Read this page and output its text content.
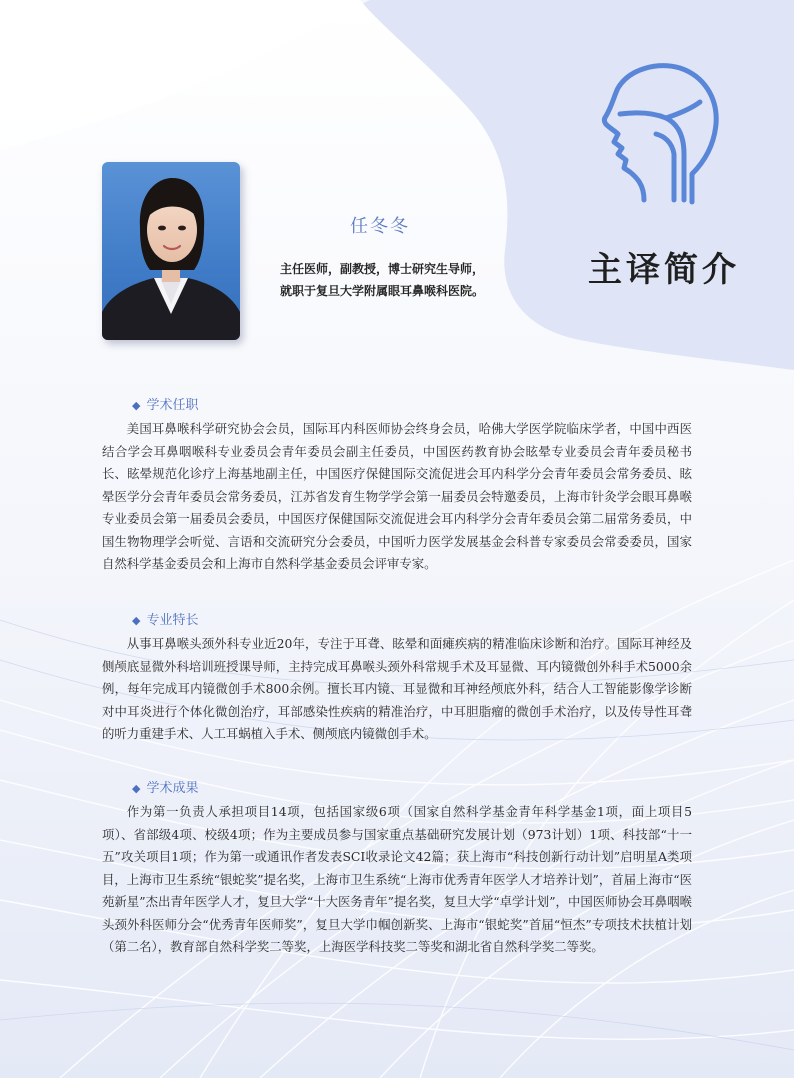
任冬冬
主任医师，副教授，博士研究生导师，就职于复旦大学附属眼耳鼻喉科医院。
主译简介
◆ 学术任职
美国耳鼻喉科学研究协会会员，国际耳内科医师协会终身会员，哈佛大学医学院临床学者，中国中西医结合学会耳鼻咽喉科专业委员会青年委员会副主任委员，中国医药教育协会眩晕专业委员会青年委员秘书长、眩晕规范化诊疗上海基地副主任，中国医疗保健国际交流促进会耳内科学分会青年委员会常务委员、眩晕医学分会青年委员会常务委员，江苏省发育生物学学会第一届委员会特邀委员，上海市针灸学会眼耳鼻喉专业委员会第一届委员会委员，中国医疗保健国际交流促进会耳内科学分会青年委员会第二届常务委员，中国生物物理学会听觉、言语和交流研究分会委员，中国听力医学发展基金会科普专家委员会常委委员，国家自然科学基金委员会和上海市自然科学基金委员会评审专家。
◆ 专业特长
从事耳鼻喉头颈外科专业近20年，专注于耳聋、眩晕和面瘫疾病的精准临床诊断和治疗。国际耳神经及侧颅底显微外科培训班授课导师，主持完成耳鼻喉头颈外科常规手术及耳显微、耳内镜微创外科手术5000余例，每年完成耳内镜微创手术800余例。擅长耳内镜、耳显微和耳神经颅底外科，结合人工智能影像学诊断对中耳炎进行个体化微创治疗，耳部感染性疾病的精准治疗，中耳胆脂瘤的微创手术治疗，以及传导性耳聋的听力重建手术、人工耳蜗植入手术、侧颅底内镜微创手术。
◆ 学术成果
作为第一负责人承担项目14项，包括国家级6项（国家自然科学基金青年科学基金1项，面上项目5项）、省部级4项、校级4项；作为主要成员参与国家重点基础研究发展计划（973计划）1项、科技部“十一五”攻关项目1项；作为第一或通讯作者发表SCI收录论文42篇；获上海市“科技创新行动计划”启明星A类项目，上海市卫生系统“银蛇奖”提名奖，上海市卫生系统“上海市优秀青年医学人才培养计划”，首届上海市“医苑新星”杰出青年医学人才，复旦大学“十大医务青年”提名奖，复旦大学“卓学计划”，中国医师协会耳鼻咽喉头颈外科医师分会“优秀青年医师奖”，复旦大学巾帼创新奖、上海市“银蛇奖”首届“恒杰”专项技术扶植计划（第二名），教育部自然科学奖二等奖，上海医学科技奖二等奖和湖北省自然科学奖二等奖。
